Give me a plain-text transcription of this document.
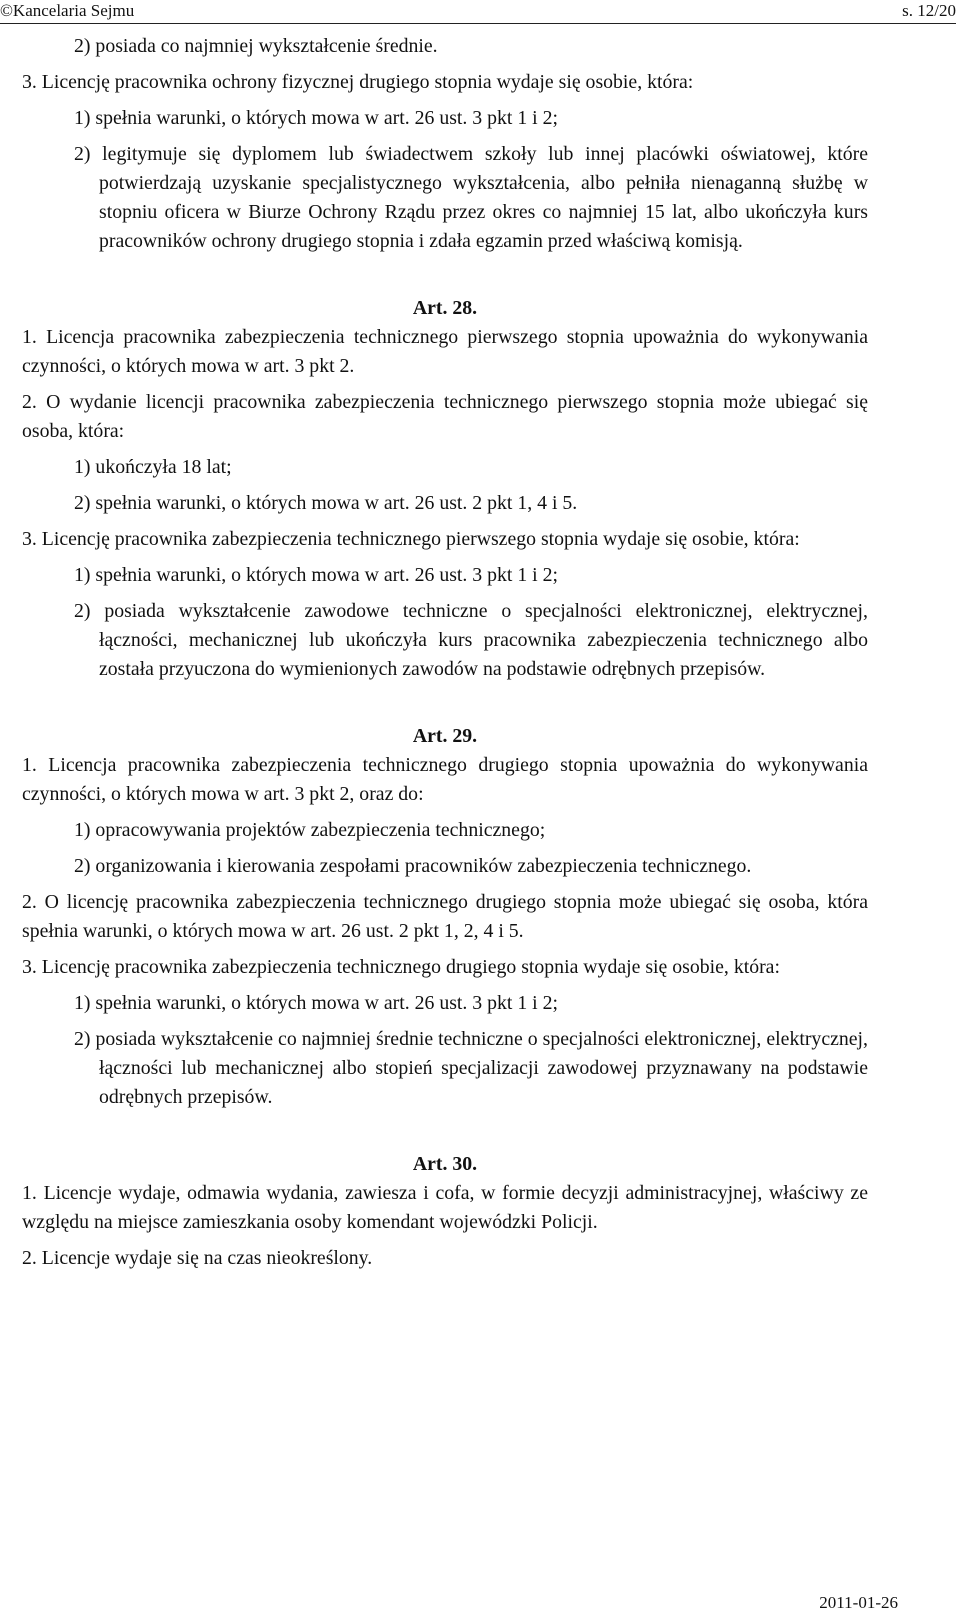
©Kancelaria Sejmu	s. 12/20

2) posiada co najmniej wykształcenie średnie.

3. Licencję pracownika ochrony fizycznej drugiego stopnia wydaje się osobie, która:

1) spełnia warunki, o których mowa w art. 26 ust. 3 pkt 1 i 2;

2) legitymuje się dyplomem lub świadectwem szkoły lub innej placówki oświatowej, które potwierdzają uzyskanie specjalistycznego wykształcenia, albo pełniła nienaganną służbę w stopniu oficera w Biurze Ochrony Rządu przez okres co najmniej 15 lat, albo ukończyła kurs pracowników ochrony drugiego stopnia i zdała egzamin przed właściwą komisją.

Art. 28.

1. Licencja pracownika zabezpieczenia technicznego pierwszego stopnia upoważnia do wykonywania czynności, o których mowa w art. 3 pkt 2.

2. O wydanie licencji pracownika zabezpieczenia technicznego pierwszego stopnia może ubiegać się osoba, która:

1) ukończyła 18 lat;

2) spełnia warunki, o których mowa w art. 26 ust. 2 pkt 1, 4 i 5.

3. Licencję pracownika zabezpieczenia technicznego pierwszego stopnia wydaje się osobie, która:

1) spełnia warunki, o których mowa w art. 26 ust. 3 pkt 1 i 2;

2) posiada wykształcenie zawodowe techniczne o specjalności elektronicznej, elektrycznej, łączności, mechanicznej lub ukończyła kurs pracownika zabezpieczenia technicznego albo została przyuczona do wymienionych zawodów na podstawie odrębnych przepisów.

Art. 29.

1. Licencja pracownika zabezpieczenia technicznego drugiego stopnia upoważnia do wykonywania czynności, o których mowa w art. 3 pkt 2, oraz do:

1) opracowywania projektów zabezpieczenia technicznego;

2) organizowania i kierowania zespołami pracowników zabezpieczenia technicznego.

2. O licencję pracownika zabezpieczenia technicznego drugiego stopnia może ubiegać się osoba, która spełnia warunki, o których mowa w art. 26 ust. 2 pkt 1, 2, 4 i 5.

3. Licencję pracownika zabezpieczenia technicznego drugiego stopnia wydaje się osobie, która:

1) spełnia warunki, o których mowa w art. 26 ust. 3 pkt 1 i 2;

2) posiada wykształcenie co najmniej średnie techniczne o specjalności elektronicznej, elektrycznej, łączności lub mechanicznej albo stopień specjalizacji zawodowej przyznawany na podstawie odrębnych przepisów.

Art. 30.

1. Licencje wydaje, odmawia wydania, zawiesza i cofa, w formie decyzji administracyjnej, właściwy ze względu na miejsce zamieszkania osoby komendant wojewódzki Policji.

2. Licencje wydaje się na czas nieokreślony.

2011-01-26
